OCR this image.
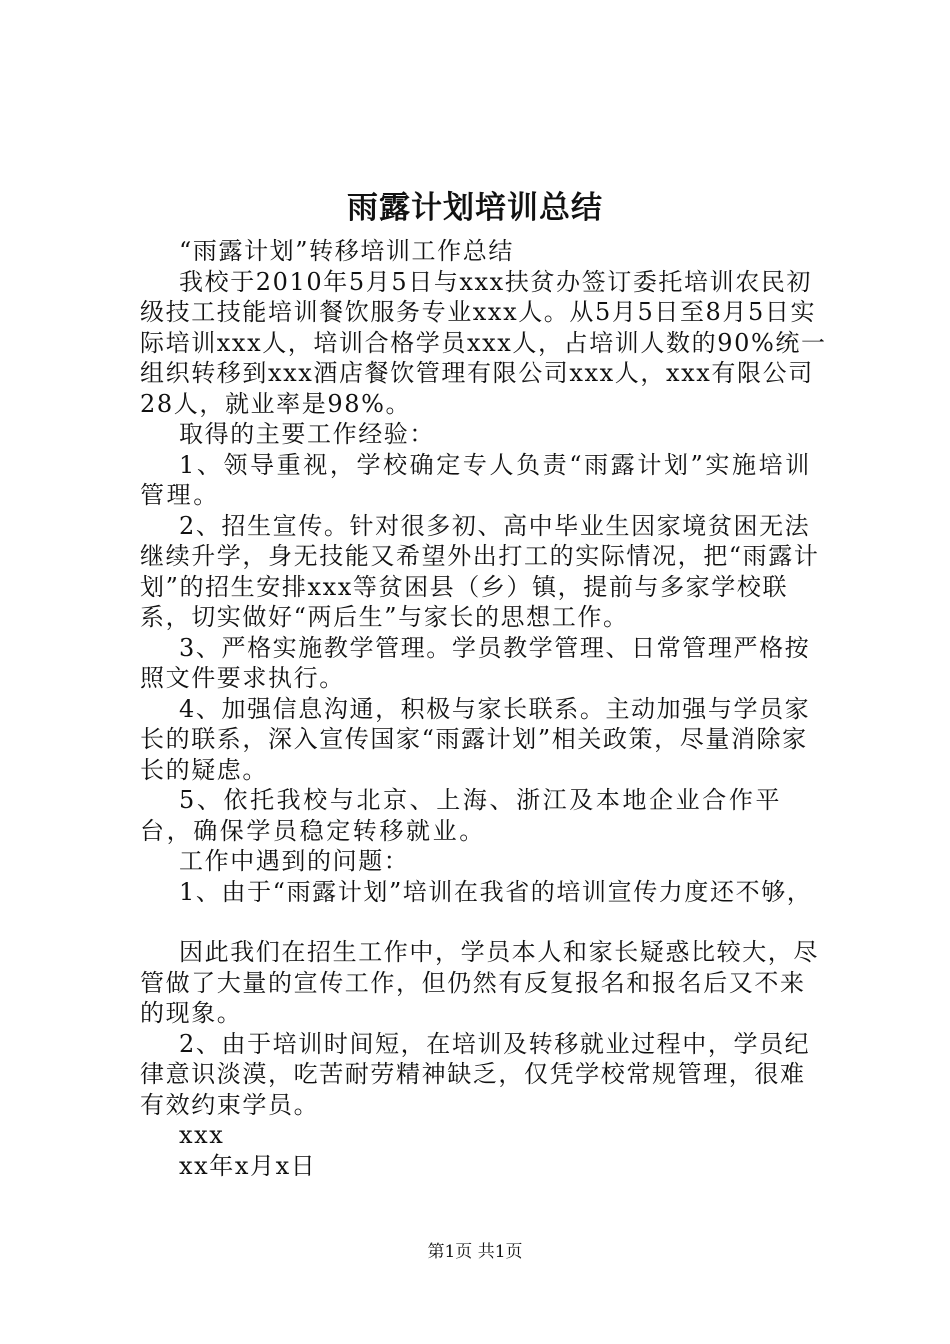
雨露计划培训总结

“雨露计划”转移培训工作总结

我校于2010年5月5日与xxx扶贫办签订委托培训农民初级技工技能培训餐饮服务专业xxx人。从5月5日至8月5日实际培训xxx人，培训合格学员xxx人，占培训人数的90%统一组织转移到xxx酒店餐饮管理有限公司xxx人，xxx有限公司28人，就业率是98%。

取得的主要工作经验：

1、领导重视，学校确定专人负责“雨露计划”实施培训管理。

2、招生宣传。针对很多初、高中毕业生因家境贫困无法继续升学，身无技能又希望外出打工的实际情况，把“雨露计划”的招生安排xxx等贫困县（乡）镇，提前与多家学校联系，切实做好“两后生”与家长的思想工作。

3、严格实施教学管理。学员教学管理、日常管理严格按照文件要求执行。

4、加强信息沟通，积极与家长联系。主动加强与学员家长的联系，深入宣传国家“雨露计划”相关政策，尽量消除家长的疑虑。

5、依托我校与北京、上海、浙江及本地企业合作平台，确保学员稳定转移就业。

工作中遇到的问题：

1、由于“雨露计划”培训在我省的培训宣传力度还不够，

因此我们在招生工作中，学员本人和家长疑惑比较大，尽管做了大量的宣传工作，但仍然有反复报名和报名后又不来的现象。

2、由于培训时间短，在培训及转移就业过程中，学员纪律意识淡漠，吃苦耐劳精神缺乏，仅凭学校常规管理，很难有效约束学员。

xxx

xx年x月x日

第1页 共1页
